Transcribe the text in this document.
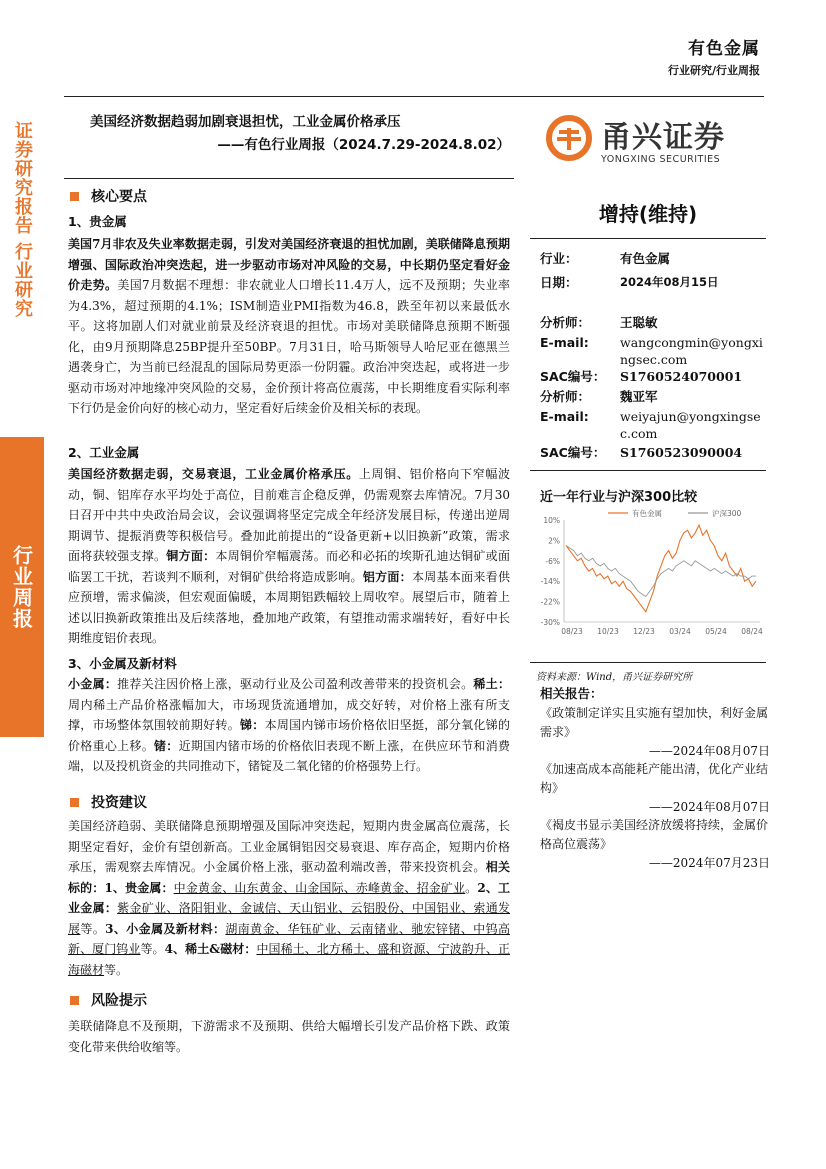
有色金属
行业研究/行业周报
证券研究报告 行业研究
行业周报
美国经济数据趋弱加剧衰退担忧，工业金属价格承压
——有色行业周报（2024.7.29-2024.8.02）	甬兴证券
YONGXING SECURITIES
核心要点
1、贵金属
美国7月非农及失业率数据走弱，引发对美国经济衰退的担忧加剧，美联储降息预期增强、国际政治冲突迭起，进一步驱动市场对冲风险的交易，中长期仍坚定看好金价走势。美国7月数据不理想：非农就业人口增长11.4万人，远不及预期；失业率为4.3%，超过预期的4.1%；ISM制造业PMI指数为46.8，跌至年初以来最低水平。这将加剧人们对就业前景及经济衰退的担忧。市场对美联储降息预期不断强化，由9月预期降息25BP提升至50BP。7月31日，哈马斯领导人哈尼亚在德黑兰遇袭身亡，为当前已经混乱的国际局势更添一份阴霾。政治冲突迭起，或将进一步驱动市场对冲地缘冲突风险的交易，金价预计将高位震荡，中长期维度看实际利率下行仍是金价向好的核心动力，坚定看好后续金价及相关标的表现。
2、工业金属
美国经济数据走弱，交易衰退，工业金属价格承压。上周铜、铝价格向下窄幅波动，铜、铝库存水平均处于高位，目前难言企稳反弹，仍需观察去库情况。7月30日召开中共中央政治局会议，会议强调将坚定完成全年经济发展目标，传递出逆周期调节、提振消费等积极信号。叠加此前提出的“设备更新+以旧换新”政策，需求面将获较强支撑。铜方面：本周铜价窄幅震荡。而必和必拓的埃斯孔迪达铜矿或面临罢工干扰，若谈判不顺利，对铜矿供给将造成影响。铝方面：本周基本面来看供应预增，需求偏淡，但宏观面偏暖，本周期铝跌幅较上周收窄。展望后市，随着上述以旧换新政策推出及后续落地，叠加地产政策，有望推动需求端转好，看好中长期维度铝价表现。
3、小金属及新材料
小金属：推荐关注因价格上涨，驱动行业及公司盈利改善带来的投资机会。稀土：周内稀土产品价格涨幅加大，市场现货流通增加，成交好转，对价格上涨有所支撑，市场整体氛围较前期好转。锑：本周国内锑市场价格依旧坚挺，部分氧化锑的价格重心上移。锗：近期国内锗市场的价格依旧表现不断上涨，在供应环节和消费端，以及投机资金的共同推动下，锗锭及二氧化锗的价格强势上行。
投资建议
美国经济趋弱、美联储降息预期增强及国际冲突迭起，短期内贵金属高位震荡，长期坚定看好，金价有望创新高。工业金属铜铝因交易衰退、库存高企，短期内价格承压，需观察去库情况。小金属价格上涨，驱动盈利端改善，带来投资机会。相关标的：1、贵金属：中金黄金、山东黄金、山金国际、赤峰黄金、招金矿业。2、工业金属：紫金矿业、洛阳钼业、金诚信、天山铝业、云铝股份、中国铝业、索通发展等。3、小金属及新材料：湖南黄金、华钰矿业、云南锗业、驰宏锌锗、中钨高新、厦门钨业等。4、稀土&磁材：中国稀土、北方稀土、盛和资源、宁波韵升、正海磁材等。
风险提示
美联储降息不及预期，下游需求不及预期、供给大幅增长引发产品价格下跌、政策变化带来供给收缩等。
增持(维持)
行业：	有色金属
日期：	2024年08月15日
分析师：	王聪敏
E-mail:	wangcongmin@yongxingsec.com
SAC编号：	S1760524070001
分析师：	魏亚军
E-mail:	weiyajun@yongxingsec.com
SAC编号：	S1760523090004
近一年行业与沪深300比较
10%
2%
-6%
-14%
-22%
-30%
08/23 10/23 12/23 03/24 05/24 08/24
有色金属	沪深300
资料来源：Wind，甬兴证券研究所
相关报告：
《政策制定详实且实施有望加快，利好金属需求》
——2024年08月07日
《加速高成本高能耗产能出清，优化产业结构》
——2024年08月07日
《褐皮书显示美国经济放缓将持续，金属价格高位震荡》
——2024年07月23日
